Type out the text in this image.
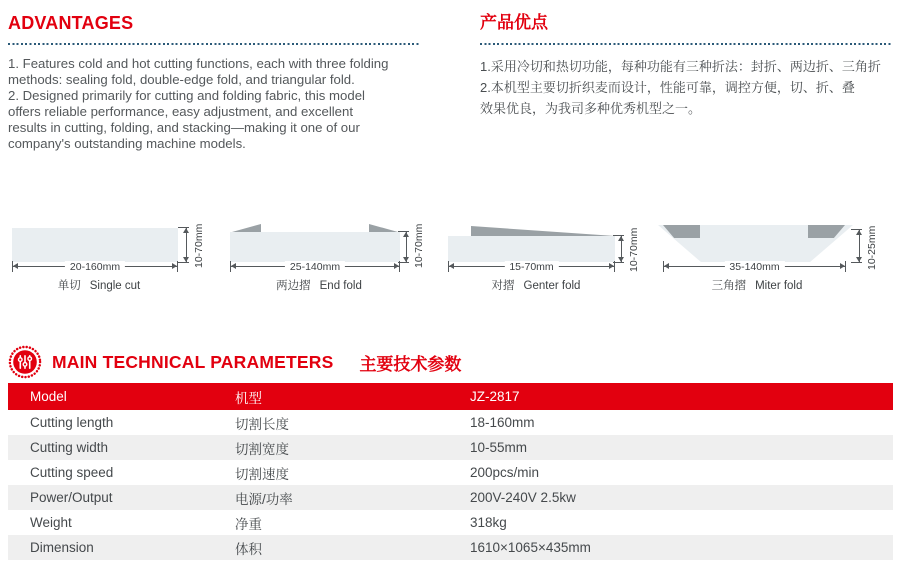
ADVANTAGES
1. Features cold and hot cutting functions, each with three folding
methods: sealing fold, double-edge fold, and triangular fold.
2. Designed primarily for cutting and folding fabric, this model
offers reliable performance, easy adjustment, and excellent
results in cutting, folding, and stacking—making it one of our
company's outstanding machine models.
产品优点
1.采用冷切和热切功能，每种功能有三种折法：封折、两边折、三角折
2.本机型主要切折织麦而设计，性能可靠，调控方便，切、折、叠
效果优良，为我司多种优秀机型之一。
10-70mm
20-160mm
单切 Single cut
10-70mm
25-140mm
两边摺 End fold
10-70mm
15-70mm
对摺 Genter fold
10-25mm
35-140mm
三角摺 Miter fold
MAIN TECHNICAL PARAMETERS 主要技术参数
Model	机型	JZ-2817
Cutting length	切割长度	18-160mm
Cutting width	切割宽度	10-55mm
Cutting speed	切割速度	200pcs/min
Power/Output	电源/功率	200V-240V 2.5kw
Weight	净重	318kg
Dimension	体积	1610×1065×435mm
